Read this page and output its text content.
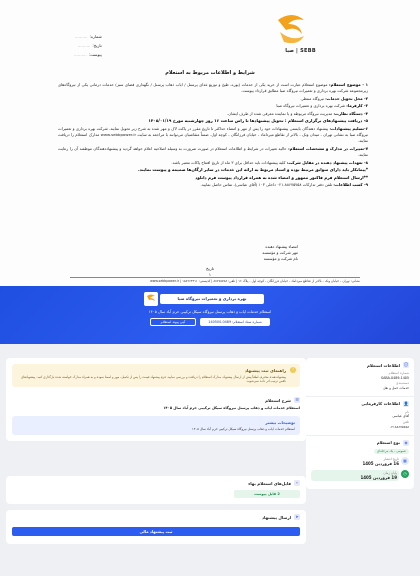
SEBB | صبا
شماره:..........
تاریخ:..........
پیوست:..........
شرایط و اطلاعات مربوط به استعلام

۱ - موضوع استعلام: موضوع استعلام عبارت است از خرید یکی از خدمات (پوره، طبخ و توزیع غذای پرسنل / ایاب ذهاب پرسنل / نگهداری فضای سبز) خدمات درمانی یکی از نیروگاه‌های زیرمجموعه شرکت بهره برداری و تعمیرات نیروگاه صبا مطابق قرارداد پیوست.

۲- محل تحویل خدمات: نیروگاه منتظر.

۳- کارفرما: شرکت بهره برداری و تعمیرات نیروگاه صبا

۴- دستگاه نظارت: مدیریت نیروگاه مربوطه و یا نماینده معرفی شده از طرف ایشان.

۵- دریافت پیشنهادهای برگزاری استعلام : تحویل پیشنهادها تا راس ساعت ۱۶ روز چهارشنبه مورخ ۱۴۰۵/۰۱/۱۹

۶-تسلیم پیشنهادات: پیشنهاد دهندگان بایستی پیشنهادات خود را پس از مهر و امضاء حداکثر تا تاریخ مقرر در پاکت لاک و مهر شده به شرح زیر تحویل نمایند. شرکت بهره برداری و تعمیرات نیروگاه صبا به نشانی تهران - میدان ونک - بالاتر از تقاطع میرداماد - خیابان فرزانگان - کوچه اول. ضمناً متقاضیان می‌توانند با مراجعه به سایت www.sebbpower.ir مدارک استعلام را دریافت نمایند.

۷-تغییرات در مدارک و مشخصات استعلام: حالیه تغییرات در شرایط و اطلاعات استعلام در صورت ضرورت به وسیله اصلاحیه اعلام خواهد گردید و پیشنهاددهندگان موظفند آن را رعایت نمایند.

۸- تعهدات پیشنهاد دهنده در مقابل شرکت: کلیه پیشنهادات باید حداقل برای ۳ ماه از تاریخ افتتاح پاکات معتبر باشد.

*پیمانکار باید دارای سوابق مرتبط بوده و اسناد مربوط به ارائه این خدمات در سایر ارگان‌ها ضمیمه و پیوست نمایند.

**ارسال استعلام فرم فاکتور ممهور و امضاء شده به همراه قرارداد پیوست فرم دانلود

۹- کسب اطلاعات: تلفن دفتر تدارکات ۸۸۶۷۵۷۵۸-۰۲۱ داخلی ۱۰۳ (آقای عباسی)، تماس حاصل نمایید.

امضاء پیشنهاد دهنده
مهر شرکت و مؤسسه
نام شرکت و مؤسسه
تاریخ
۱
نشانی: تهران - خیابان ونک - بالاتر از تقاطع میرداماد - خیابان فرزانگان - کوچه اول - پلاک ۱۶ | تلفن: ۸۸۶۷۵۷۵۸ | کدپستی: ۱۵۸۹۶۴۳۱۱ | www.sebbpower.ir
بهره برداری و تعمیرات نیروگاه صبا
استعلام خدمات ایاب و ذهاب پرسنل نیروگاه سیکل ترکیبی خرم آباد سال ۱۴۰۵
شماره ستاد استعلام: 0489-140500
کپی پیوند استعلام
ⓘ
اطلاعات استعلام
شماره استعلام
SABA-0489-1405
دسته‌بندی
خدمات حمل و نقل
👤
اطلاعات کارفرمایی
نام
آقای عباسی
تلفن
۰۲۱۸۸۶۷۵۷۵۸
◈
نوع استعلام
عمومی - یک مرحله‌ای
▦
تاریخ انتشار
16 فروردین 1405
◷
پایان زمان
19 فروردین 1405
!
راهنمای ثبت پیشنهاد
پیشنهاددهنده محترم، لطفاً پیش از ارسال پیشنهاد، مدارک استعلام را دریافت و بررسی نمایید. فرم پیشنهاد قیمت را پس از تکمیل، مهر و امضا نموده و به همراه مدارک خواسته شده بارگذاری کنید. پیشنهادهای ناقص ترتیب اثر داده نمی‌شوند.
☰
شرح استعلام
استعلام خدمات ایاب و ذهاب پرسنل نیروگاه سیکل ترکیبی خرم آباد سال ۱۴۰۵
توضیحات بیشتر
استعلام خدمات ایاب و ذهاب پرسنل نیروگاه سیکل ترکیبی خرم آباد سال ۱۴۰۵
⌁
فایل‌های استعلام بهاء
2 فایل پیوست
➤
ارسال پیشنهاد
ثبت پیشنهاد مالی
